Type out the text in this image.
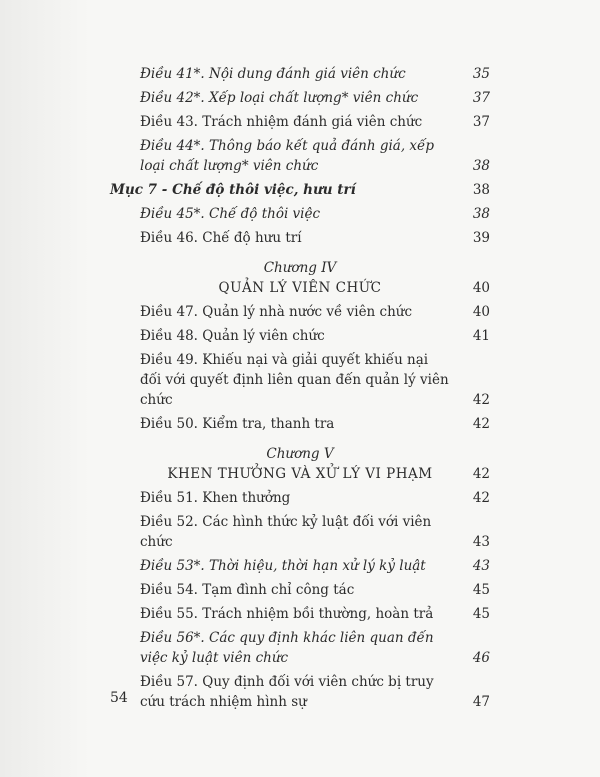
Điều 41*. Nội dung đánh giá viên chức	35
Điều 42*. Xếp loại chất lượng* viên chức	37
Điều 43. Trách nhiệm đánh giá viên chức	37
Điều 44*. Thông báo kết quả đánh giá, xếp loại chất lượng* viên chức	38
Mục 7 - Chế độ thôi việc, hưu trí	38
Điều 45*. Chế độ thôi việc	38
Điều 46. Chế độ hưu trí	39
Chương IV
QUẢN LÝ VIÊN CHỨC	40
Điều 47. Quản lý nhà nước về viên chức	40
Điều 48. Quản lý viên chức	41
Điều 49. Khiếu nại và giải quyết khiếu nại đối với quyết định liên quan đến quản lý viên chức	42
Điều 50. Kiểm tra, thanh tra	42
Chương V
KHEN THƯỞNG VÀ XỬ LÝ VI PHẠM	42
Điều 51. Khen thưởng	42
Điều 52. Các hình thức kỷ luật đối với viên chức	43
Điều 53*. Thời hiệu, thời hạn xử lý kỷ luật	43
Điều 54. Tạm đình chỉ công tác	45
Điều 55. Trách nhiệm bồi thường, hoàn trả	45
Điều 56*. Các quy định khác liên quan đến việc kỷ luật viên chức	46
Điều 57. Quy định đối với viên chức bị truy cứu trách nhiệm hình sự	47
54
